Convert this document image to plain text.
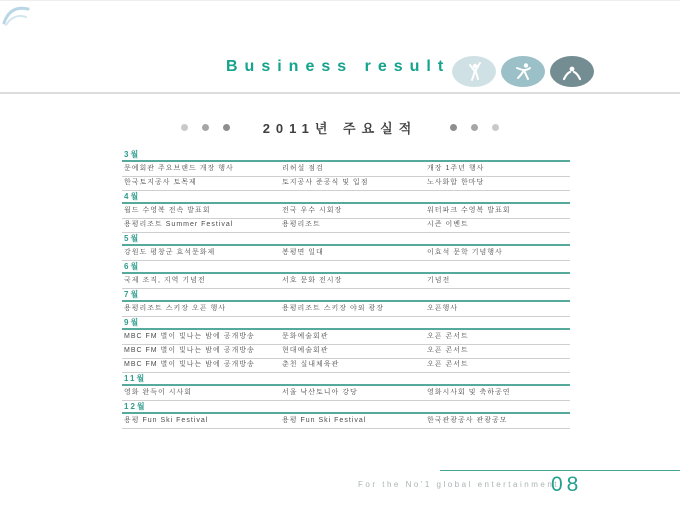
Business result
2011년 주요실적
3월
문예회관 주요브랜드 개장 행사	리허설 점검	개장 1주년 행사
한국토지공사 토목제	토지공사 준공식 및 입점	노사화합 한마당
4월
월드 수영복 전속 발표회	전국 우수 시회장	워터파크 수영복 발표회
용평리조트 Summer Festival	용평리조트	시즌 이벤트
5월
강원도 평창군 효석문화제	봉평면 일대	이효석 문학 기념행사
6월
국제 조직, 지역 기념전	서호 문화 전시장	기념전
7월
용평리조트 스키장 오픈 행사	용평리조트 스키장 야외 광장	오픈행사
9월
MBC FM 별이 빛나는 밤에 공개방송	문화예술회관	오픈 콘서트
MBC FM 별이 빛나는 밤에 공개방송	현대예술회관	오픈 콘서트
MBC FM 별이 빛나는 밤에 공개방송	춘천 실내체육관	오픈 콘서트
11월
영화 완득이 시사회	서울 낙산토니아 강당	영화시사회 및 축하공연
12월
용평 Fun Ski Festival	용평 Fun Ski Festival	한국관광공사 관광공모
For the No'1 global entertainment
08
